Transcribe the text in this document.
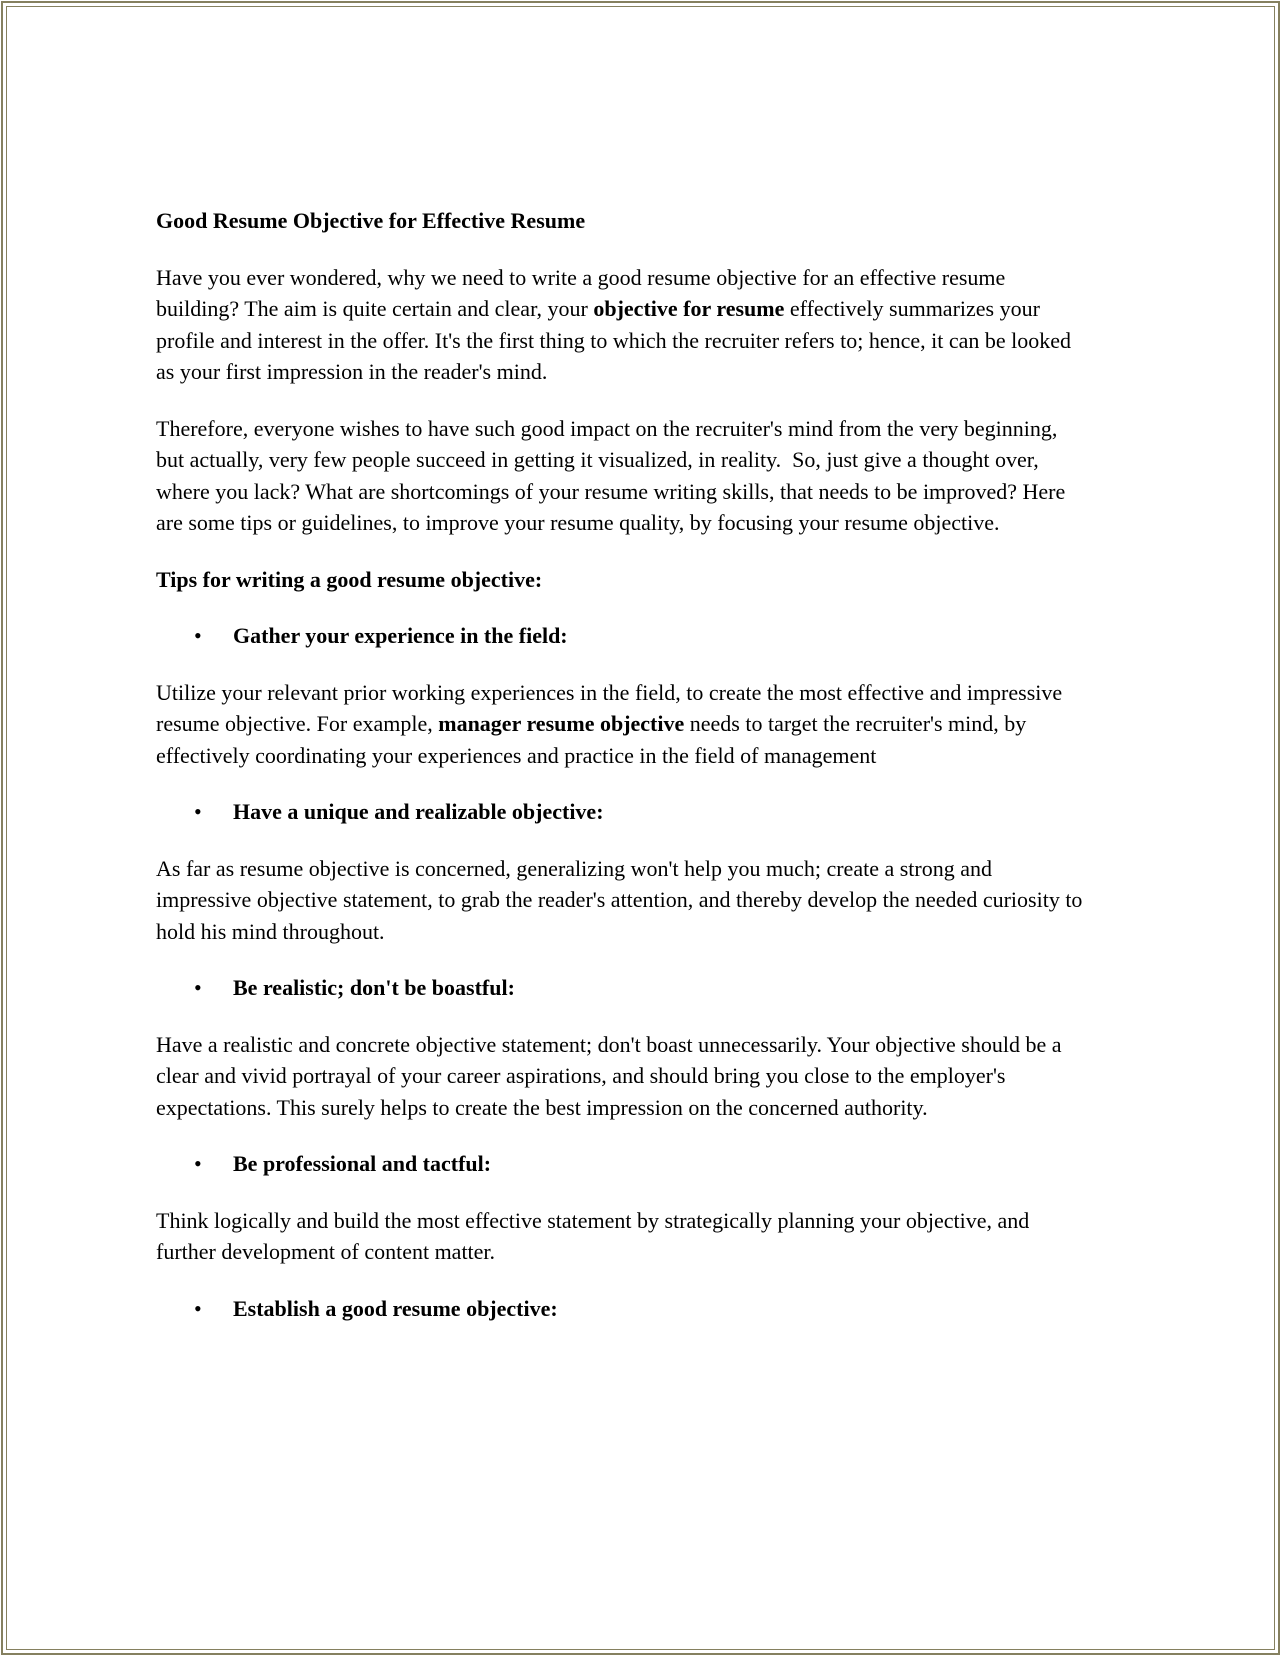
Good Resume Objective for Effective Resume
Have you ever wondered, why we need to write a good resume objective for an effective resume building? The aim is quite certain and clear, your objective for resume effectively summarizes your profile and interest in the offer. It's the first thing to which the recruiter refers to; hence, it can be looked as your first impression in the reader's mind.
Therefore, everyone wishes to have such good impact on the recruiter's mind from the very beginning, but actually, very few people succeed in getting it visualized, in reality.  So, just give a thought over, where you lack? What are shortcomings of your resume writing skills, that needs to be improved? Here are some tips or guidelines, to improve your resume quality, by focusing your resume objective.
Tips for writing a good resume objective:
• Gather your experience in the field:
Utilize your relevant prior working experiences in the field, to create the most effective and impressive resume objective. For example, manager resume objective needs to target the recruiter's mind, by effectively coordinating your experiences and practice in the field of management
• Have a unique and realizable objective:
As far as resume objective is concerned, generalizing won't help you much; create a strong and impressive objective statement, to grab the reader's attention, and thereby develop the needed curiosity to hold his mind throughout.
• Be realistic; don't be boastful:
Have a realistic and concrete objective statement; don't boast unnecessarily. Your objective should be a clear and vivid portrayal of your career aspirations, and should bring you close to the employer's expectations. This surely helps to create the best impression on the concerned authority.
• Be professional and tactful:
Think logically and build the most effective statement by strategically planning your objective, and further development of content matter.
• Establish a good resume objective:
